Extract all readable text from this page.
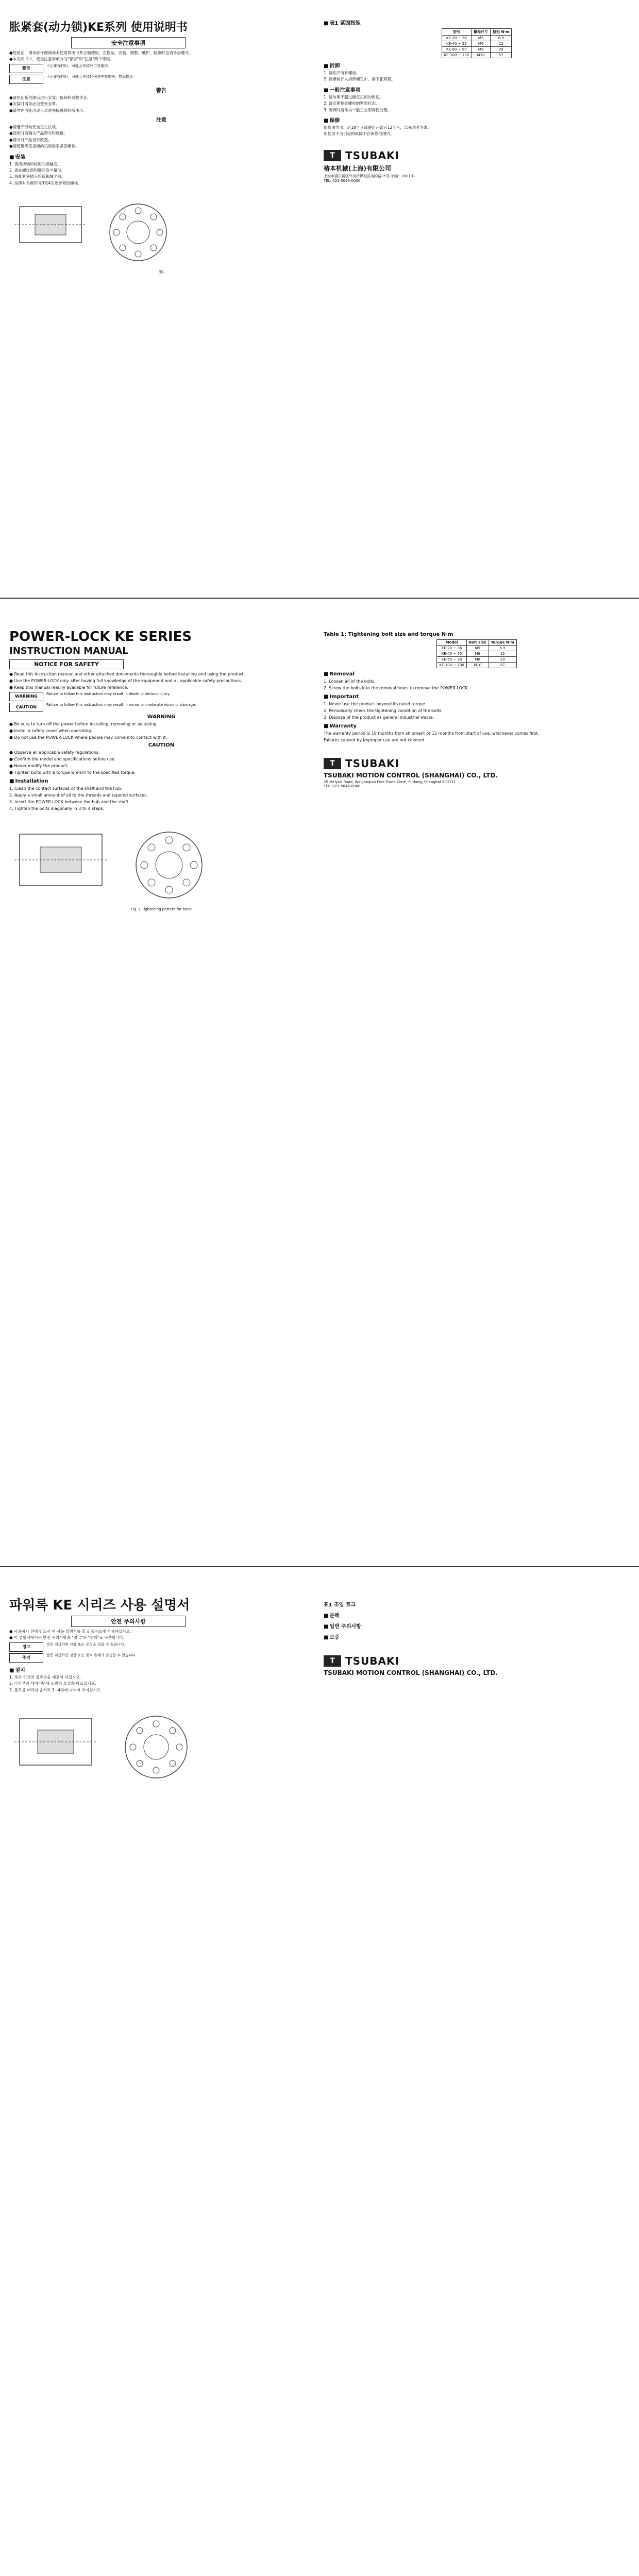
胀紧套(动力锁)KE系列 使用说明书
安全注意事项
●使用前，请务必仔细阅读本使用说明书并正确使用。在搬运、安装、调整、维护、检查时也请务必遵守。
●本说明书中，安全注意事项分为"警告"和"注意"两个等级。
警告	不正确操作时，可能会导致死亡或重伤。
注意	不正确操作时，可能会导致轻伤或中等伤害、物品损坏。
警告
●请在切断电源后进行安装、拆卸和调整作业。
●安装时请务必设置安全罩。
●请勿在可能出现人员意外接触的场所使用。
注意
●请遵守劳动安全卫生法规。
●使用时请确认产品型号和规格。
●请勿对产品进行改造。
●请使用规定扭矩的扭矩扳手紧固螺栓。
■ 安装
1. 请清洁轴和轮毂的接触面。
2. 请在螺纹部和锥面涂少量油。
3. 将胀紧套插入轮毂和轴之间。
4. 按照对角顺序分3至4次逐步紧固螺栓。
图1
■ 表1 紧固扭矩
型号	螺栓尺寸	扭矩 N·m
KE-20 ~ 36	M5	6.9
KE-40 ~ 55	M6	12
KE-60 ~ 90	M8	29
KE-100 ~ 130	M10	57
■ 拆卸
1. 请松开所有螺栓。
2. 将螺栓拧入拆卸螺孔中，拆下胀紧套。
■ 一般注意事项
1. 请勿用于超过额定扭矩的用途。
2. 请定期检查螺栓的紧固状态。
3. 废弃时请作为一般工业废弃物处理。
■ 保修
保修期为出厂后18个月或使用开始后12个月，以先到者为准。
因使用不当引起的故障不在保修范围内。
T	TSUBAKI
椿本机械(上海)有限公司
上海市浦东新区外高桥保税区美约路25号 邮编：200131
TEL: 021-5046-0000
POWER-LOCK KE SERIES
INSTRUCTION MANUAL
NOTICE FOR SAFETY
● Read this instruction manual and other attached documents thoroughly before installing and using the product.
● Use the POWER-LOCK only after having full knowledge of the equipment and all applicable safety precautions.
● Keep this manual readily available for future reference.
WARNING	Failure to follow this instruction may result in death or serious injury.
CAUTION	Failure to follow this instruction may result in minor or moderate injury or damage.
WARNING
● Be sure to turn off the power before installing, removing or adjusting.
● Install a safety cover when operating.
● Do not use the POWER-LOCK where people may come into contact with it.
CAUTION
● Observe all applicable safety regulations.
● Confirm the model and specifications before use.
● Never modify the product.
● Tighten bolts with a torque wrench to the specified torque.
■ Installation
1. Clean the contact surfaces of the shaft and the hub.
2. Apply a small amount of oil to the threads and tapered surfaces.
3. Insert the POWER-LOCK between the hub and the shaft.
4. Tighten the bolts diagonally in 3 to 4 steps.
Fig. 1 Tightening pattern for bolts
Table 1: Tightening bolt size and torque N·m
Model	Bolt size	Torque N·m
KE-20 ~ 36	M5	6.9
KE-40 ~ 55	M6	12
KE-60 ~ 90	M8	29
KE-100 ~ 130	M10	57
■ Removal
1. Loosen all of the bolts.
2. Screw the bolts into the removal holes to remove the POWER-LOCK.
■ Important
1. Never use the product beyond its rated torque.
2. Periodically check the tightening condition of the bolts.
3. Dispose of the product as general industrial waste.
■ Warranty
The warranty period is 18 months from shipment or 12 months from start of use, whichever comes first.
Failures caused by improper use are not covered.
T	TSUBAKI
TSUBAKI MOTION CONTROL (SHANGHAI) CO., LTD.
25 Meiyue Road, Waigaoqiao Free Trade Zone, Pudong, Shanghai 200131
TEL: 021-5046-0000
파워록 KE 시리즈 사용 설명서
안전 주의사항
● 사용하기 전에 반드시 이 사용 설명서를 읽고 올바르게 사용하십시오.
● 이 설명서에서는 안전 주의사항을 "경고"와 "주의"로 구분합니다.
경고	잘못 취급하면 사망 또는 중상을 입을 수 있습니다.
주의	잘못 취급하면 경상 또는 물적 손해가 발생할 수 있습니다.
■ 설치
1. 축과 허브의 접촉면을 깨끗이 하십시오.
2. 나사부와 테이퍼면에 소량의 오일을 바르십시오.
3. 볼트를 대각선 순서로 3~4회에 나누어 조이십시오.
표1 조임 토크
■ 분해
■ 일반 주의사항
■ 보증
T	TSUBAKI
TSUBAKI MOTION CONTROL (SHANGHAI) CO., LTD.
